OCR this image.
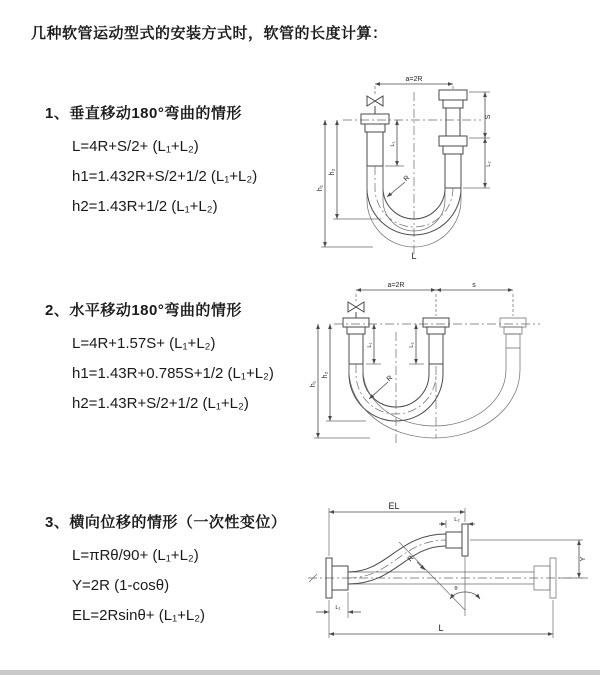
几种软管运动型式的安装方式时，软管的长度计算：
1、垂直移动180°弯曲的情形
L=4R+S/2+ (L₁+L₂)
h1=1.432R+S/2+1/2 (L₁+L₂)
h2=1.43R+1/2 (L₁+L₂)
a=2R
h₁
h₂
L₁
S
L₂
R
L
2、水平移动180°弯曲的情形
L=4R+1.57S+ (L₁+L₂)
h1=1.43R+0.785S+1/2 (L₁+L₂)
h2=1.43R+S/2+1/2 (L₁+L₂)
a=2R	s
h₁
h₂
L₁	L₂
R
3、横向位移的情形（一次性变位）
L=πRθ/90+ (L₁+L₂)
Y=2R (1-cosθ)
EL=2Rsinθ+ (L₁+L₂)
θ
R
EL
L₂
Y
L
L₁
